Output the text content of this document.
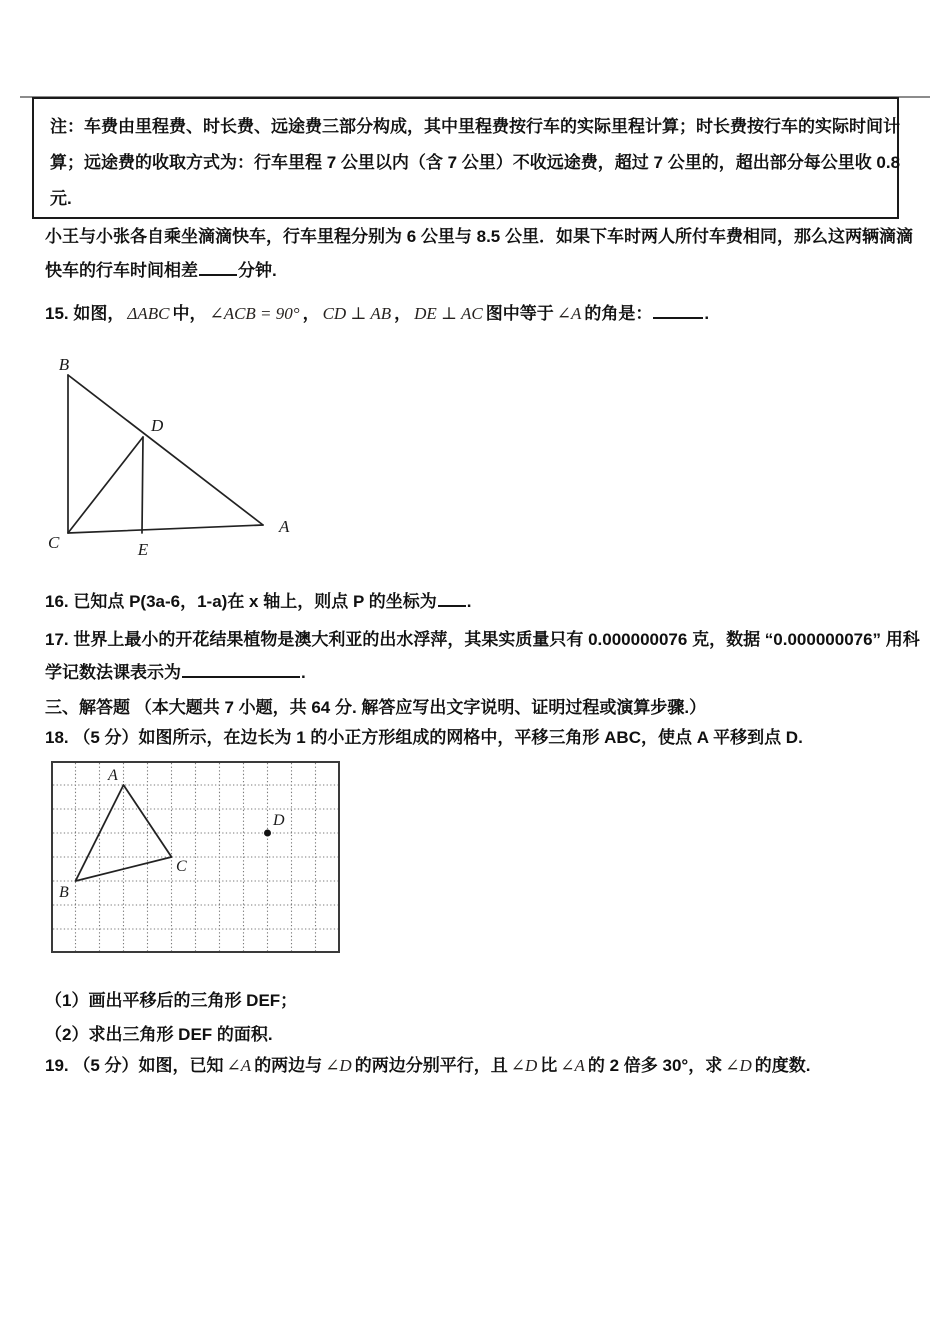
注：车费由里程费、时长费、远途费三部分构成，其中里程费按行车的实际里程计算；时长费按行车的实际时间计
算；远途费的收取方式为：行车里程 7 公里以内（含 7 公里）不收远途费，超过 7 公里的，超出部分每公里收 0.8
元.
小王与小张各自乘坐滴滴快车，行车里程分别为 6 公里与 8.5 公里．如果下车时两人所付车费相同，那么这两辆滴滴
快车的行车时间相差 分钟.
15. 如图， ΔABC 中， ∠ACB = 90° ， CD ⊥ AB ， DE ⊥ AC 图中等于 ∠A 的角是：	.
B
D
A
C	E
16. 已知点 P(3a-6，1-a)在 x 轴上，则点 P 的坐标为 .
17. 世界上最小的开花结果植物是澳大利亚的出水浮萍，其果实质量只有 0.000000076 克，数据 “0.000000076” 用科
学记数法课表示为	.
三、解答题 （本大题共 7 小题，共 64 分. 解答应写出文字说明、证明过程或演算步骤.）
18. （5 分）如图所示，在边长为 1 的小正方形组成的网格中，平移三角形 ABC，使点 A 平移到点 D.
A
B
C
D
（1）画出平移后的三角形 DEF；
（2）求出三角形 DEF 的面积.
19. （5 分）如图，已知 ∠A 的两边与 ∠D 的两边分别平行，且 ∠D 比 ∠A 的 2 倍多 30°，求 ∠D 的度数.
